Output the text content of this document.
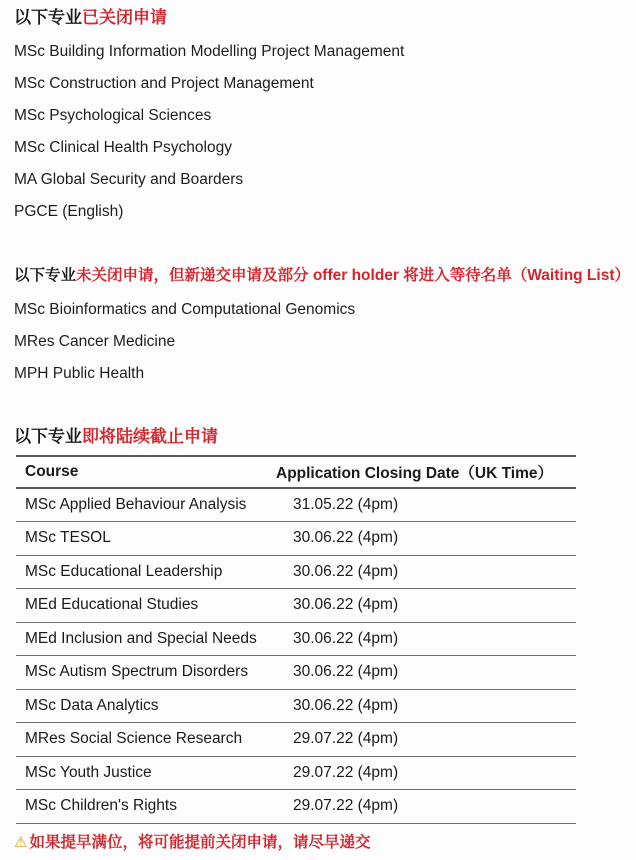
以下专业已关闭申请
MSc Building Information Modelling Project Management
MSc Construction and Project Management
MSc Psychological Sciences
MSc Clinical Health Psychology
MA Global Security and Boarders
PGCE (English)
以下专业未关闭申请，但新递交申请及部分 offer holder 将进入等待名单（Waiting List）
MSc Bioinformatics and Computational Genomics
MRes Cancer Medicine
MPH Public Health
以下专业即将陆续截止申请
Course	Application Closing Date（UK Time）
MSc Applied Behaviour Analysis	31.05.22 (4pm)
MSc TESOL	30.06.22 (4pm)
MSc Educational Leadership	30.06.22 (4pm)
MEd Educational Studies	30.06.22 (4pm)
MEd Inclusion and Special Needs	30.06.22 (4pm)
MSc Autism Spectrum Disorders	30.06.22 (4pm)
MSc Data Analytics	30.06.22 (4pm)
MRes Social Science Research	29.07.22 (4pm)
MSc Youth Justice	29.07.22 (4pm)
MSc Children's Rights	29.07.22 (4pm)
⚠ 如果提早满位，将可能提前关闭申请，请尽早递交
